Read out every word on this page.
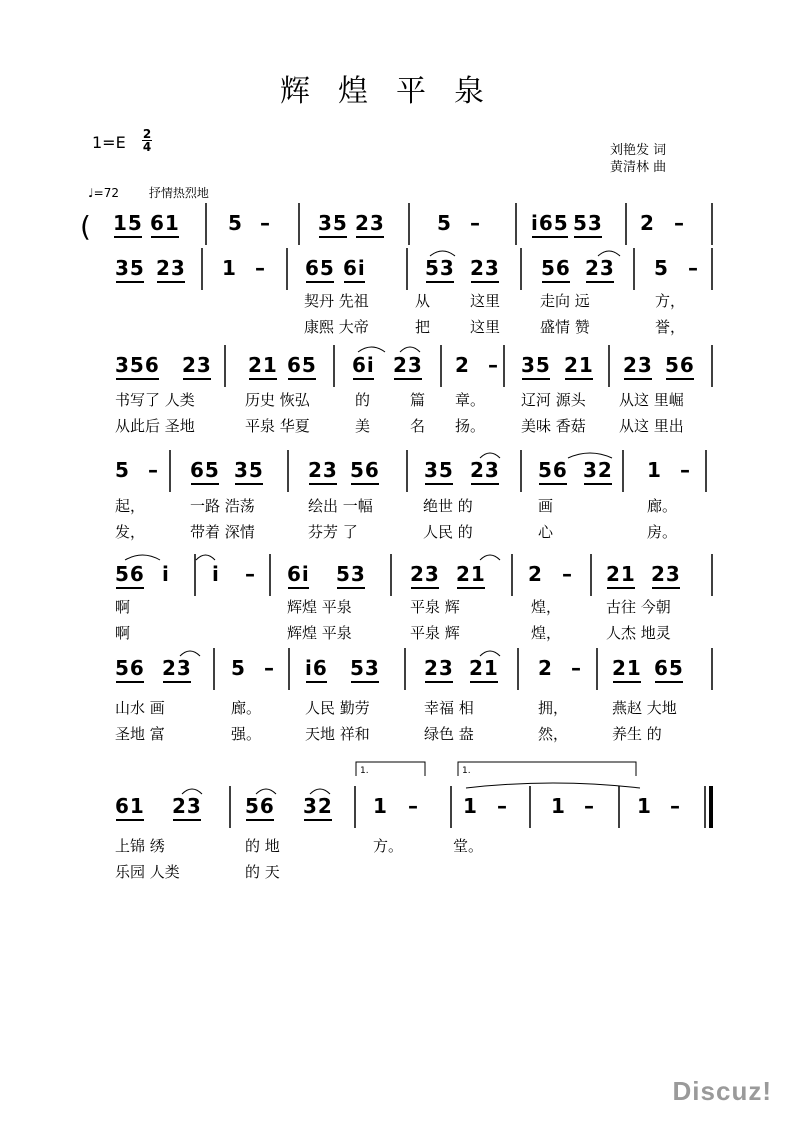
辉煌平泉
1=E 2
4	刘艳发 词
黄清林 曲
♩=72 抒情热烈地
(
1.	1.
15 61 5 – 35 23	5 –	i65 53 2 –
35 23 1 – 65 6i	53 23 56 23 5 –
356 23 21 65 6i 23 2 – 35 21 23 56
5 – 65 35 23 56 35 23 56 32 1 –
56 i i – 6i 53 23 21 2 – 21 23
56 23 5 – i6 53 23 21 2 – 21 65
61 23 56 32 1 – 1 – 1 – 1 –
契丹 先祖	从	这里	走向 远	方，
康熙 大帝	把	这里	盛情 赞	誉，
书写了 人类	历史 恢弘	的	篇 章。 辽河 源头 从这 里崛
从此后 圣地	平泉 华夏	美	名 扬。 美味 香菇 从这 里出
起，	一路 浩荡	绘出 一幅	绝世 的	画	廊。
发，	带着 深情	芬芳 了	人民 的	心	房。
啊	辉煌 平泉	平泉 辉	煌，	古往 今朝
啊	辉煌 平泉	平泉 辉	煌，	人杰 地灵
山水 画	廊。	人民 勤劳	幸福 相	拥，	燕赵 大地
圣地 富	强。	天地 祥和	绿色 盎	然，	养生 的
上锦 绣	的 地	方。	堂。
乐园 人类	的 天
Discuz!
